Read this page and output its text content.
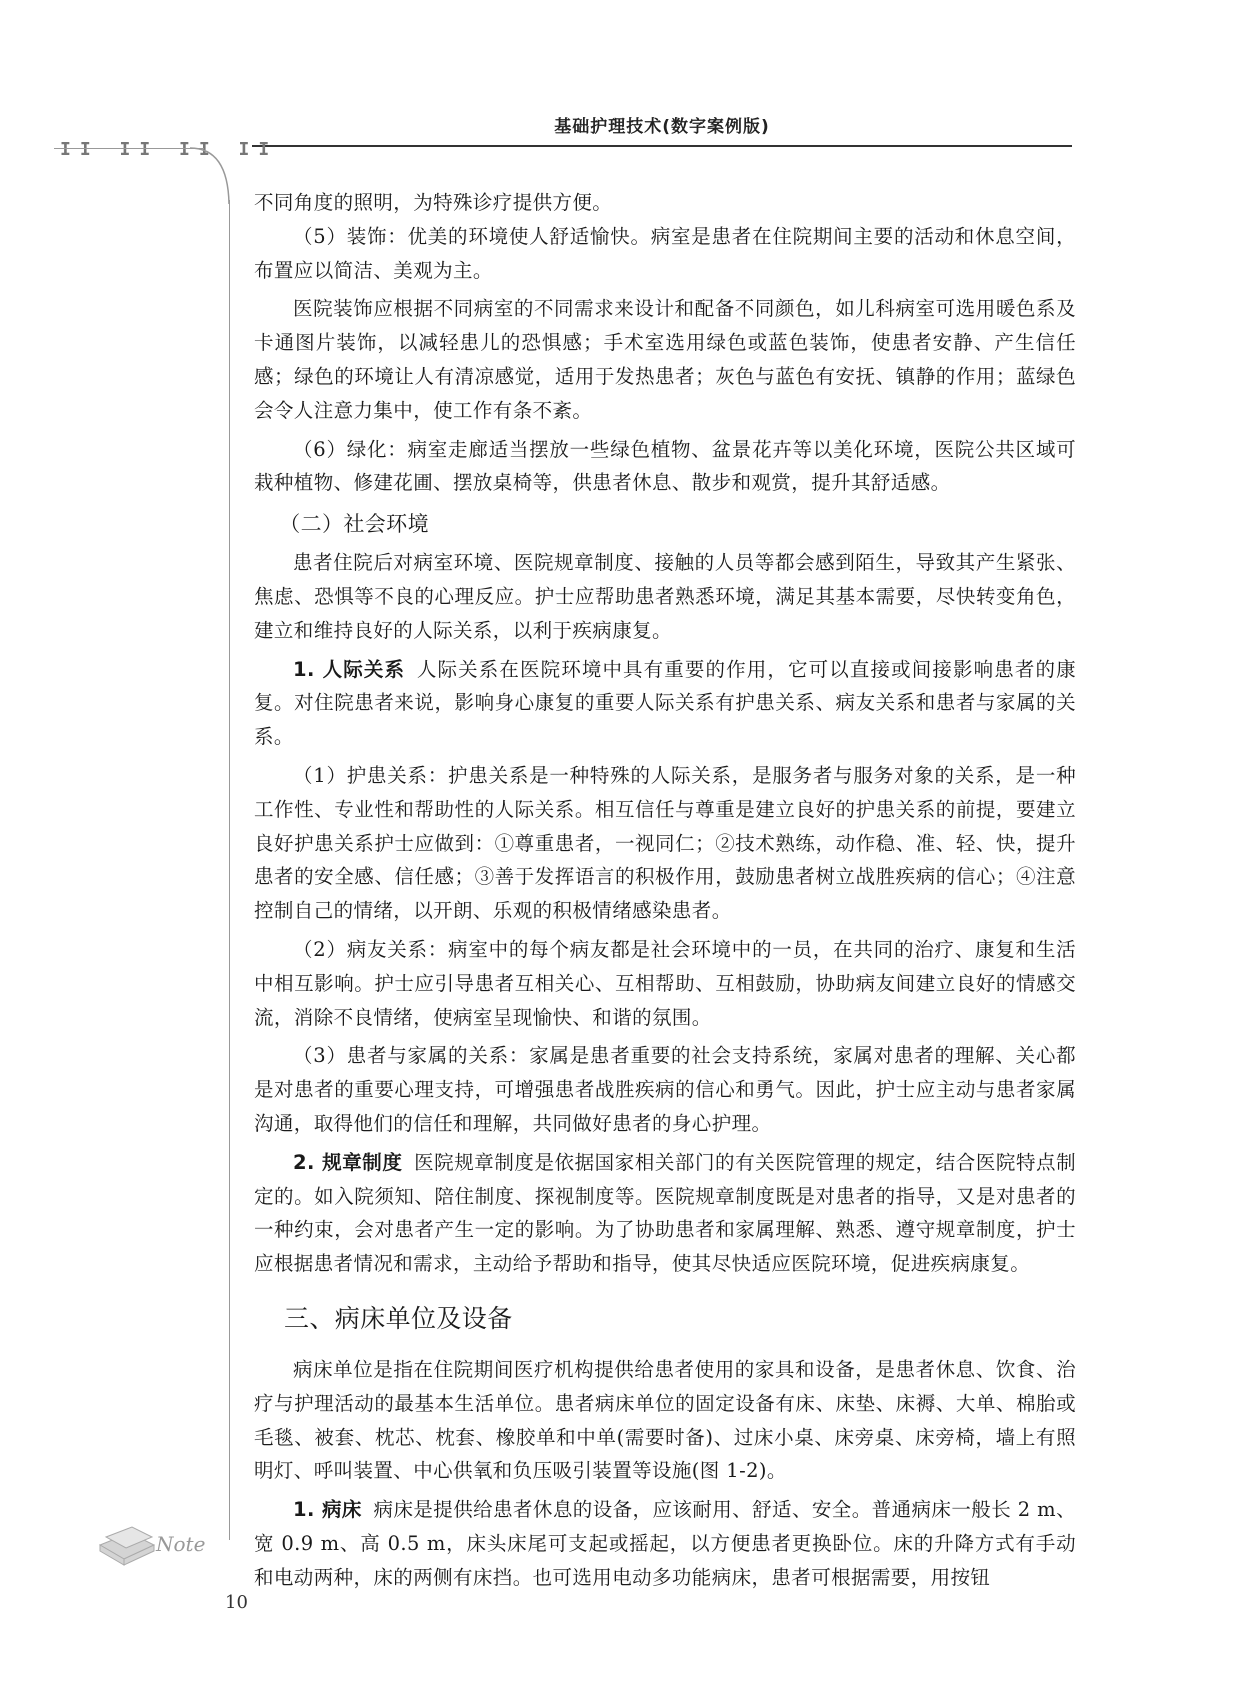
基础护理技术(数字案例版)
II II II II

不同角度的照明，为特殊诊疗提供方便。

（5）装饰：优美的环境使人舒适愉快。病室是患者在住院期间主要的活动和休息空间，布置应以简洁、美观为主。

医院装饰应根据不同病室的不同需求来设计和配备不同颜色，如儿科病室可选用暖色系及卡通图片装饰，以减轻患儿的恐惧感；手术室选用绿色或蓝色装饰，使患者安静、产生信任感；绿色的环境让人有清凉感觉，适用于发热患者；灰色与蓝色有安抚、镇静的作用；蓝绿色会令人注意力集中，使工作有条不紊。

（6）绿化：病室走廊适当摆放一些绿色植物、盆景花卉等以美化环境，医院公共区域可栽种植物、修建花圃、摆放桌椅等，供患者休息、散步和观赏，提升其舒适感。

（二）社会环境

患者住院后对病室环境、医院规章制度、接触的人员等都会感到陌生，导致其产生紧张、焦虑、恐惧等不良的心理反应。护士应帮助患者熟悉环境，满足其基本需要，尽快转变角色，建立和维持良好的人际关系，以利于疾病康复。

1. 人际关系 人际关系在医院环境中具有重要的作用，它可以直接或间接影响患者的康复。对住院患者来说，影响身心康复的重要人际关系有护患关系、病友关系和患者与家属的关系。

（1）护患关系：护患关系是一种特殊的人际关系，是服务者与服务对象的关系，是一种工作性、专业性和帮助性的人际关系。相互信任与尊重是建立良好的护患关系的前提，要建立良好护患关系护士应做到：①尊重患者，一视同仁；②技术熟练，动作稳、准、轻、快，提升患者的安全感、信任感；③善于发挥语言的积极作用，鼓励患者树立战胜疾病的信心；④注意控制自己的情绪，以开朗、乐观的积极情绪感染患者。

（2）病友关系：病室中的每个病友都是社会环境中的一员，在共同的治疗、康复和生活中相互影响。护士应引导患者互相关心、互相帮助、互相鼓励，协助病友间建立良好的情感交流，消除不良情绪，使病室呈现愉快、和谐的氛围。

（3）患者与家属的关系：家属是患者重要的社会支持系统，家属对患者的理解、关心都是对患者的重要心理支持，可增强患者战胜疾病的信心和勇气。因此，护士应主动与患者家属沟通，取得他们的信任和理解，共同做好患者的身心护理。

2. 规章制度 医院规章制度是依据国家相关部门的有关医院管理的规定，结合医院特点制定的。如入院须知、陪住制度、探视制度等。医院规章制度既是对患者的指导，又是对患者的一种约束，会对患者产生一定的影响。为了协助患者和家属理解、熟悉、遵守规章制度，护士应根据患者情况和需求，主动给予帮助和指导，使其尽快适应医院环境，促进疾病康复。

三、病床单位及设备

病床单位是指在住院期间医疗机构提供给患者使用的家具和设备，是患者休息、饮食、治疗与护理活动的最基本生活单位。患者病床单位的固定设备有床、床垫、床褥、大单、棉胎或毛毯、被套、枕芯、枕套、橡胶单和中单(需要时备)、过床小桌、床旁桌、床旁椅，墙上有照明灯、呼叫装置、中心供氧和负压吸引装置等设施(图 1-2)。

1. 病床 病床是提供给患者休息的设备，应该耐用、舒适、安全。普通病床一般长 2 m、宽 0.9 m、高 0.5 m，床头床尾可支起或摇起，以方便患者更换卧位。床的升降方式有手动和电动两种，床的两侧有床挡。也可选用电动多功能病床，患者可根据需要，用按钮

Note
10
